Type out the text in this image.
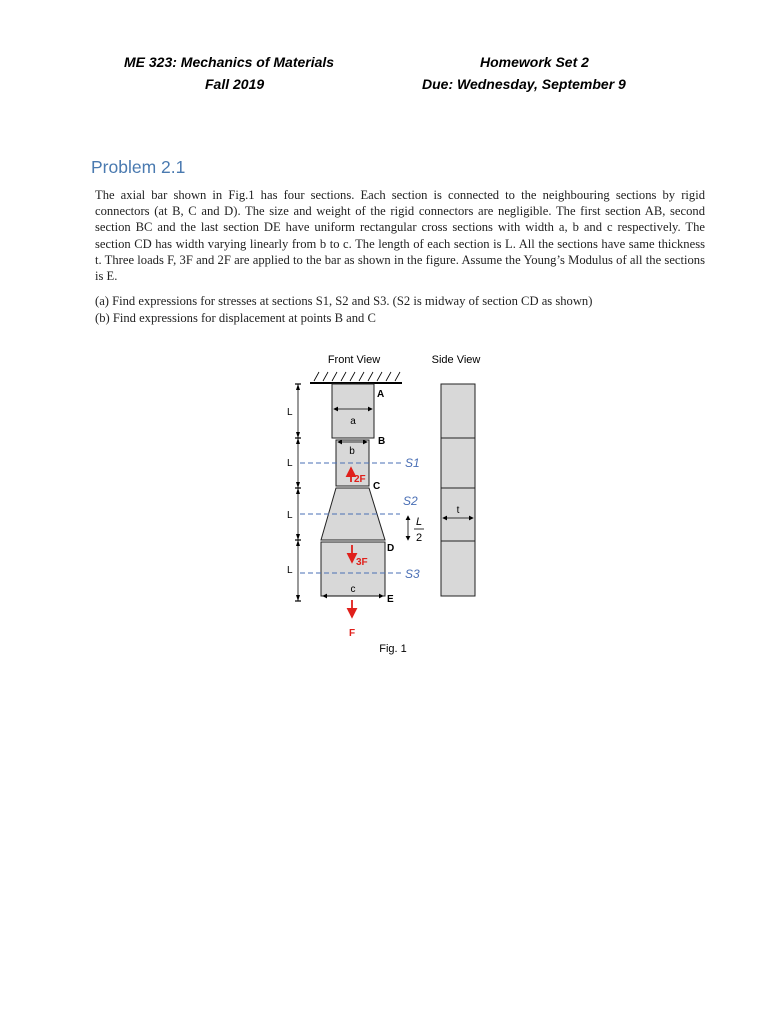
ME 323: Mechanics of Materials
Fall 2019
Homework Set 2
Due: Wednesday, September 9
Problem 2.1
The axial bar shown in Fig.1 has four sections. Each section is connected to the neighbouring sections by rigid connectors (at B, C and D). The size and weight of the rigid connectors are negligible. The first section AB, second section BC and the last section DE have uniform rectangular cross sections with width a, b and c respectively. The section CD has width varying linearly from b to c. The length of each section is L. All the sections have same thickness t. Three loads F, 3F and 2F are applied to the bar as shown in the figure. Assume the Young’s Modulus of all the sections is E.
(a) Find expressions for stresses at sections S1, S2 and S3. (S2 is midway of section CD as shown)
(b) Find expressions for displacement at points B and C
Front View	Side View
A
B
C
D
E
a
b
c
L
L
L
L
S1
S2
S3
L
2
2F
3F
F
t
Fig. 1
